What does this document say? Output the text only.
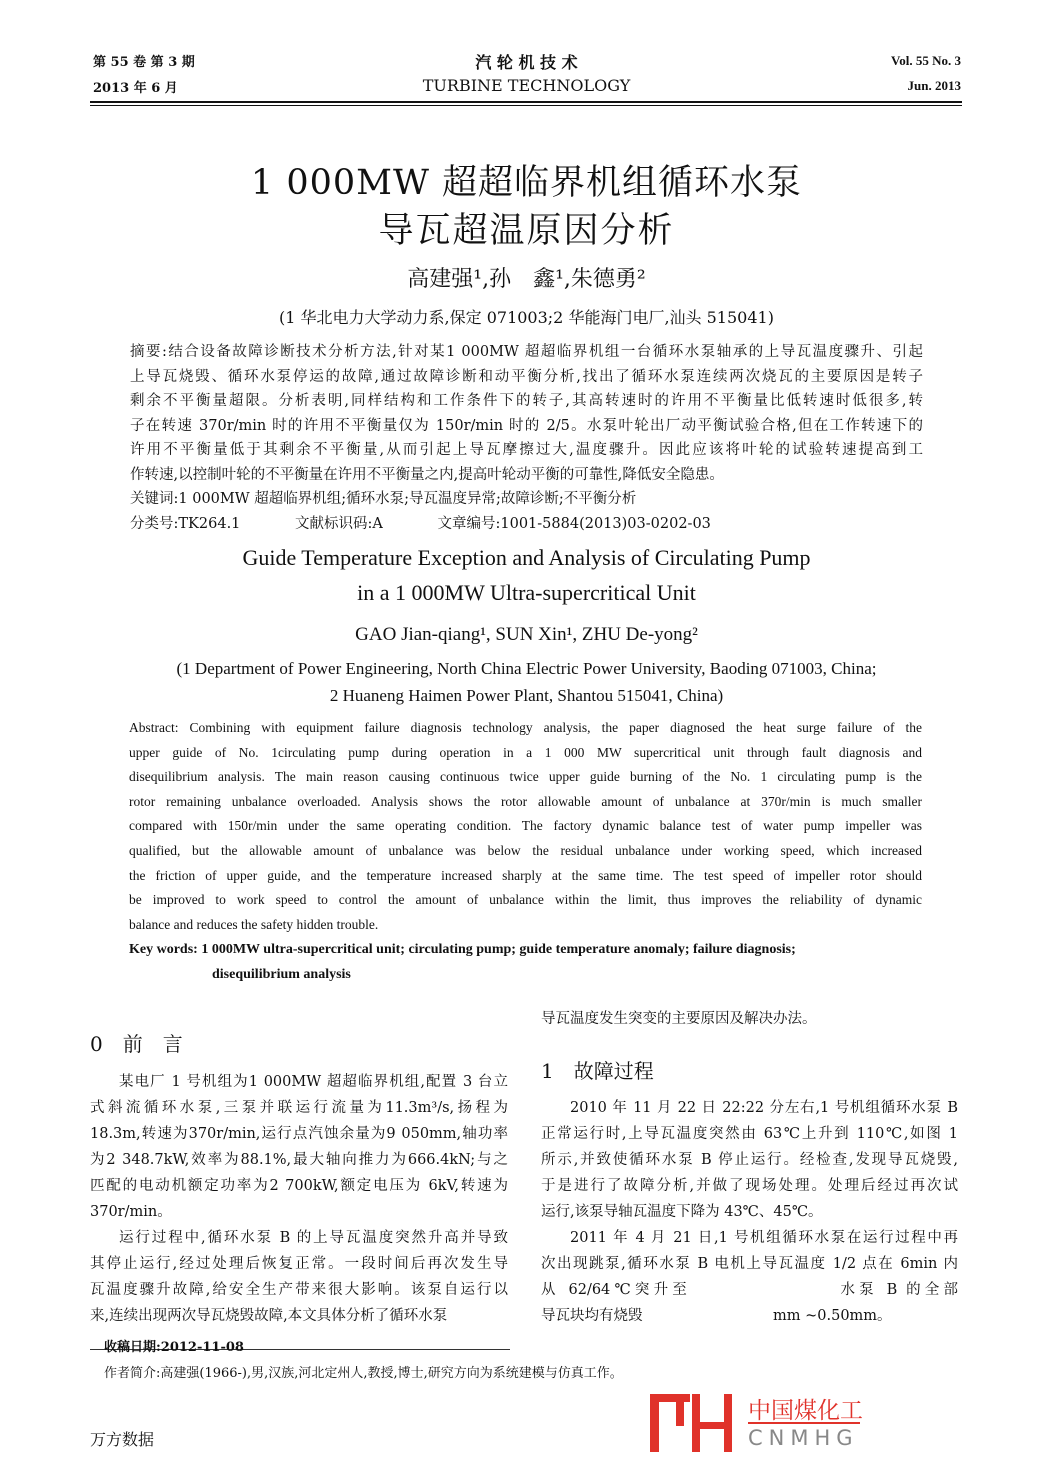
第 55 卷 第 3 期
2013 年 6 月
汽 轮 机 技 术
TURBINE TECHNOLOGY
Vol. 55 No. 3
Jun. 2013
1 000MW 超超临界机组循环水泵
导瓦超温原因分析
高建强¹,孙　鑫¹,朱德勇²
(1 华北电力大学动力系,保定 071003;2 华能海门电厂,汕头 515041)
摘要:结合设备故障诊断技术分析方法,针对某1 000MW 超超临界机组一台循环水泵轴承的上导瓦温度骤升、引起
上导瓦烧毁、循环水泵停运的故障,通过故障诊断和动平衡分析,找出了循环水泵连续两次烧瓦的主要原因是转子
剩余不平衡量超限。分析表明,同样结构和工作条件下的转子,其高转速时的许用不平衡量比低转速时低很多,转
子在转速 370r/min 时的许用不平衡量仅为 150r/min 时的 2/5。水泵叶轮出厂动平衡试验合格,但在工作转速下的
许用不平衡量低于其剩余不平衡量,从而引起上导瓦摩擦过大,温度骤升。因此应该将叶轮的试验转速提高到工
作转速,以控制叶轮的不平衡量在许用不平衡量之内,提高叶轮动平衡的可靠性,降低安全隐患。
关键词:1 000MW 超超临界机组;循环水泵;导瓦温度异常;故障诊断;不平衡分析
分类号:TK264.1	文献标识码:A	文章编号:1001-5884(2013)03-0202-03
Guide Temperature Exception and Analysis of Circulating Pump
in a 1 000MW Ultra-supercritical Unit
GAO Jian-qiang¹, SUN Xin¹, ZHU De-yong²
(1 Department of Power Engineering, North China Electric Power University, Baoding 071003, China;
2 Huaneng Haimen Power Plant, Shantou 515041, China)
Abstract: Combining with equipment failure diagnosis technology analysis, the paper diagnosed the heat surge failure of the
upper guide of No. 1circulating pump during operation in a 1 000 MW supercritical unit through fault diagnosis and
disequilibrium analysis. The main reason causing continuous twice upper guide burning of the No. 1 circulating pump is the
rotor remaining unbalance overloaded. Analysis shows the rotor allowable amount of unbalance at 370r/min is much smaller
compared with 150r/min under the same operating condition. The factory dynamic balance test of water pump impeller was
qualified, but the allowable amount of unbalance was below the residual unbalance under working speed, which increased
the friction of upper guide, and the temperature increased sharply at the same time. The test speed of impeller rotor should
be improved to work speed to control the amount of unbalance within the limit, thus improves the reliability of dynamic
balance and reduces the safety hidden trouble.
Key words: 1 000MW ultra-supercritical unit; circulating pump; guide temperature anomaly; failure diagnosis;
disequilibrium analysis
0　前　言
某电厂 1 号机组为1 000MW 超超临界机组,配置 3 台立
式斜流循环水泵,三泵并联运行流量为11.3m³/s,扬程为
18.3m,转速为370r/min,运行点汽蚀余量为9 050mm,轴功率
为2 348.7kW,效率为88.1%,最大轴向推力为666.4kN;与之
匹配的电动机额定功率为2 700kW,额定电压为 6kV,转速为
370r/min。
运行过程中,循环水泵 B 的上导瓦温度突然升高并导致
其停止运行,经过处理后恢复正常。一段时间后再次发生导
瓦温度骤升故障,给安全生产带来很大影响。该泵自运行以
来,连续出现两次导瓦烧毁故障,本文具体分析了循环水泵
导瓦温度发生突变的主要原因及解决办法。
1　故障过程
2010 年 11 月 22 日 22:22 分左右,1 号机组循环水泵 B
正常运行时,上导瓦温度突然由 63℃上升到 110℃,如图 1
所示,并致使循环水泵 B 停止运行。经检查,发现导瓦烧毁,
于是进行了故障分析,并做了现场处理。处理后经过再次试
运行,该泵导轴瓦温度下降为 43℃、45℃。
2011 年 4 月 21 日,1 号机组循环水泵在运行过程中再
次出现跳泵,循环水泵 B 电机上导瓦温度 1/2 点在 6min 内
从 62/64℃突升至　　　　　　　　水泵 B 的全部
导瓦块均有烧毁　　　　　　　　　mm ~0.50mm。
收稿日期:2012-11-08
作者简介:高建强(1966-),男,汉族,河北定州人,教授,博士,研究方向为系统建模与仿真工作。
中国煤化工
CNMHG
万方数据
